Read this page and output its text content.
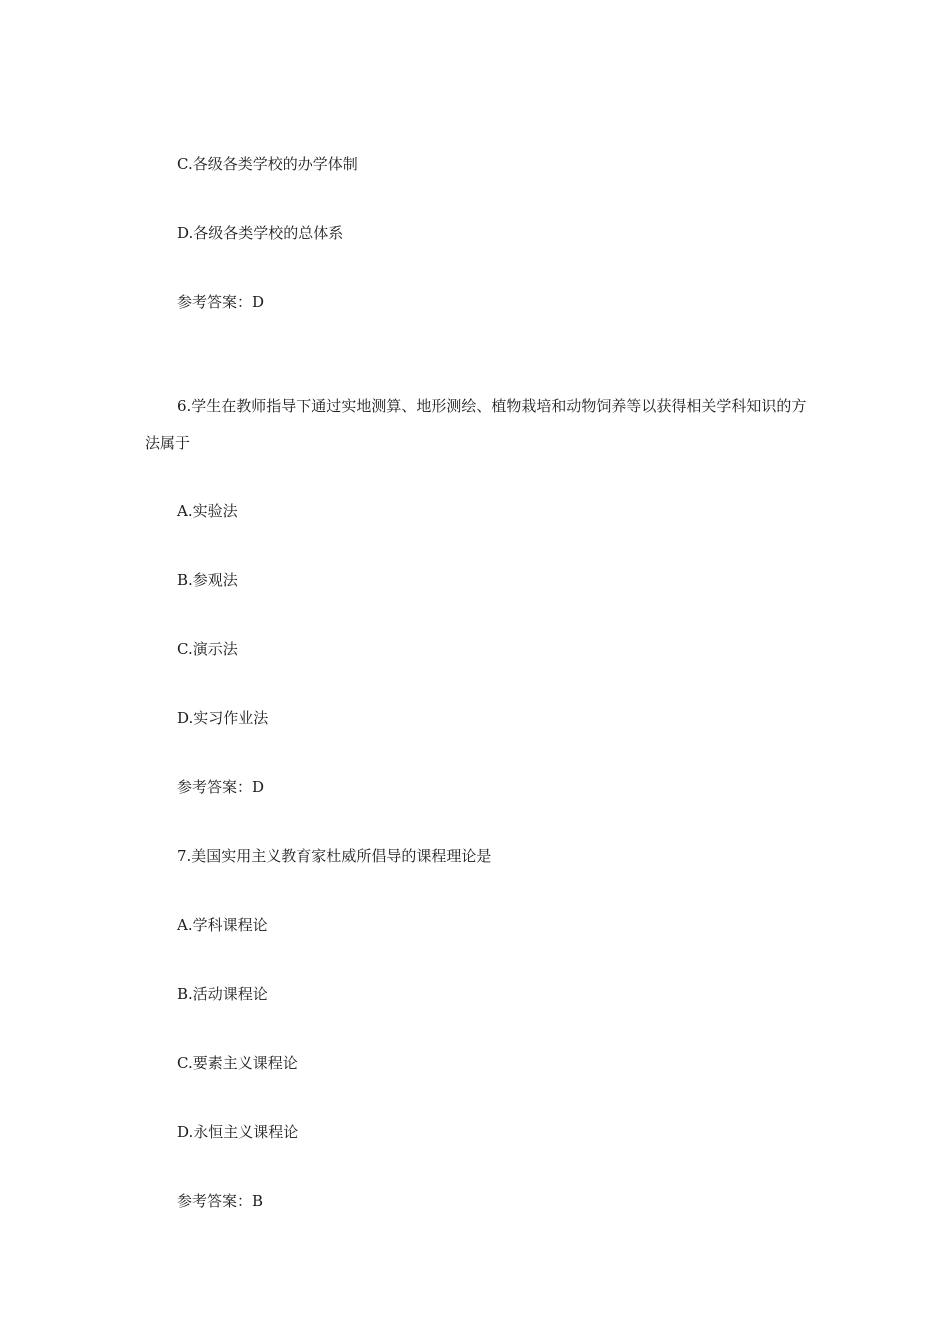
C.各级各类学校的办学体制
D.各级各类学校的总体系
参考答案：D
6.学生在教师指导下通过实地测算、地形测绘、植物栽培和动物饲养等以获得相关学科知识的方法属于
A.实验法
B.参观法
C.演示法
D.实习作业法
参考答案：D
7.美国实用主义教育家杜威所倡导的课程理论是
A.学科课程论
B.活动课程论
C.要素主义课程论
D.永恒主义课程论
参考答案：B
